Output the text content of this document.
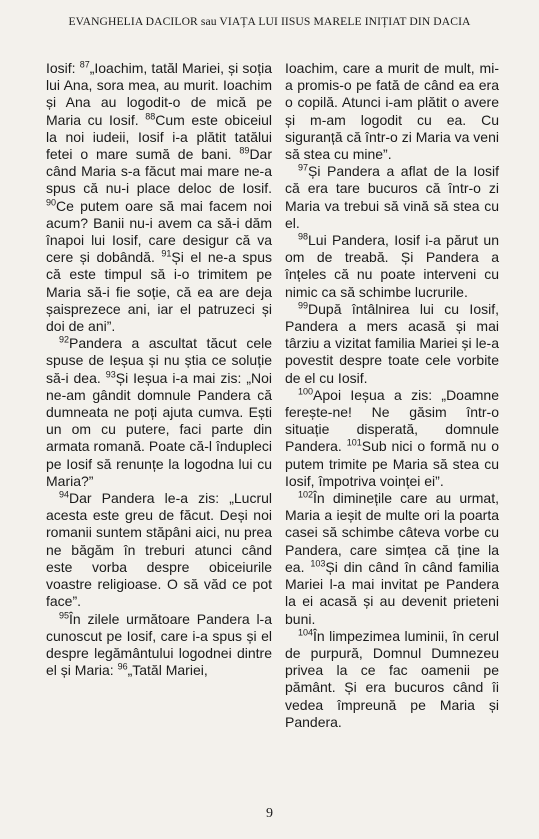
EVANGHELIA DACILOR sau VIAȚA LUI IISUS MARELE INIȚIAT DIN DACIA

Iosif: $^{87}$„Ioachim, tatăl Mariei, și soția lui Ana, sora mea, au murit. Ioachim și Ana au logodit-o de mică pe Maria cu Iosif. $^{88}$Cum este obiceiul la noi iudeii, Iosif i-a plătit tatălui fetei o mare sumă de bani. $^{89}$Dar când Maria s-a făcut mai mare ne-a spus că nu-i place deloc de Iosif. $^{90}$Ce putem oare să mai facem noi acum? Banii nu-i avem ca să-i dăm înapoi lui Iosif, care desigur că va cere și dobândă. $^{91}$Și el ne-a spus că este timpul să i-o trimitem pe Maria să-i fie soție, că ea are deja șaisprezece ani, iar el patruzeci și doi de ani”.

$^{92}$Pandera a ascultat tăcut cele spuse de Ieșua și nu știa ce soluție să-i dea. $^{93}$Și Ieșua i-a mai zis: „Noi ne-am gândit domnule Pandera că dumneata ne poți ajuta cumva. Ești un om cu putere, faci parte din armata romană. Poate că-l îndupleci pe Iosif să renunțe la logodna lui cu Maria?”

$^{94}$Dar Pandera le-a zis: „Lucrul acesta este greu de făcut. Deși noi romanii suntem stăpâni aici, nu prea ne băgăm în treburi atunci când este vorba despre obiceiurile voastre religioase. O să văd ce pot face”.

$^{95}$În zilele următoare Pandera l-a cunoscut pe Iosif, care i-a spus și el despre legământului logodnei dintre el și Maria: $^{96}$„Tatăl Mariei,

Ioachim, care a murit de mult, mi-a promis-o pe fată de când ea era o copilă. Atunci i-am plătit o avere și m-am logodit cu ea. Cu siguranță că într-o zi Maria va veni să stea cu mine”.

$^{97}$Și Pandera a aflat de la Iosif că era tare bucuros că într-o zi Maria va trebui să vină să stea cu el.

$^{98}$Lui Pandera, Iosif i-a părut un om de treabă. Și Pandera a înțeles că nu poate interveni cu nimic ca să schimbe lucrurile.

$^{99}$După întâlnirea lui cu Iosif, Pandera a mers acasă și mai târziu a vizitat familia Mariei și le-a povestit despre toate cele vorbite de el cu Iosif.

$^{100}$Apoi Ieșua a zis: „Doamne ferește-ne! Ne găsim într-o situație disperată, domnule Pandera. $^{101}$Sub nici o formă nu o putem trimite pe Maria să stea cu Iosif, împotriva voinței ei”.

$^{102}$În diminețile care au urmat, Maria a ieșit de multe ori la poarta casei să schimbe câteva vorbe cu Pandera, care simțea că ține la ea. $^{103}$Și din când în când familia Mariei l-a mai invitat pe Pandera la ei acasă și au devenit prieteni buni.

$^{104}$În limpezimea luminii, în cerul de purpură, Domnul Dumnezeu privea la ce fac oamenii pe pământ. Și era bucuros când îi vedea împreună pe Maria și Pandera.

9
